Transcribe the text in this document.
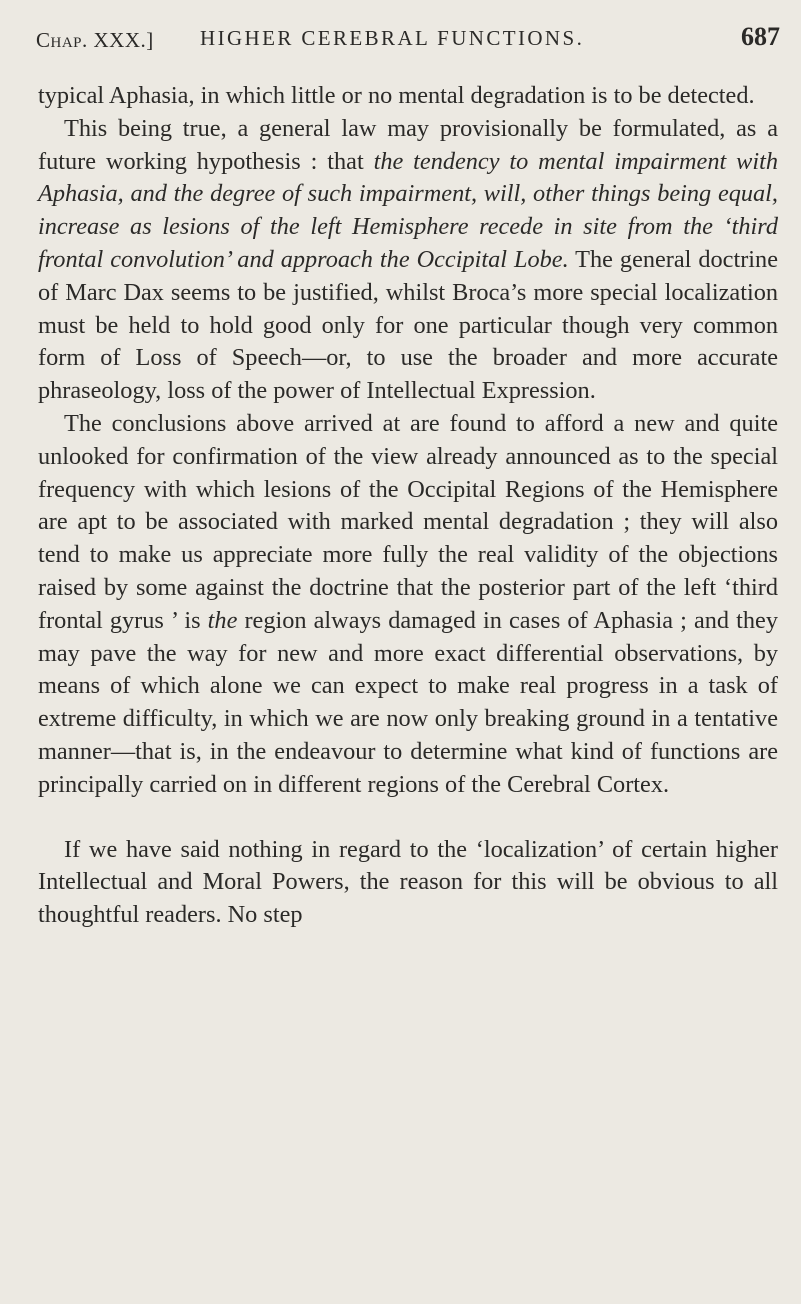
Chap. XXX.] HIGHER CEREBRAL FUNCTIONS.	687

typical Aphasia, in which little or no mental degradation is to be detected.

This being true, a general law may provisionally be formulated, as a future working hypothesis : that the tendency to mental impairment with Aphasia, and the degree of such impairment, will, other things being equal, increase as lesions of the left Hemisphere recede in site from the ‘third frontal convolution’ and approach the Occipital Lobe. The general doctrine of Marc Dax seems to be justified, whilst Broca’s more special localization must be held to hold good only for one particular though very common form of Loss of Speech—or, to use the broader and more accurate phraseology, loss of the power of Intellectual Expression.

The conclusions above arrived at are found to afford a new and quite unlooked for confirmation of the view already announced as to the special frequency with which lesions of the Occipital Regions of the Hemisphere are apt to be associated with marked mental degradation ; they will also tend to make us appreciate more fully the real validity of the objections raised by some against the doctrine that the posterior part of the left ‘third frontal gyrus ’ is the region always damaged in cases of Aphasia ; and they may pave the way for new and more exact differential observations, by means of which alone we can expect to make real progress in a task of extreme difficulty, in which we are now only breaking ground in a tentative manner—that is, in the endeavour to determine what kind of functions are principally carried on in different regions of the Cerebral Cortex.

If we have said nothing in regard to the ‘localization’ of certain higher Intellectual and Moral Powers, the reason for this will be obvious to all thoughtful readers. No step
